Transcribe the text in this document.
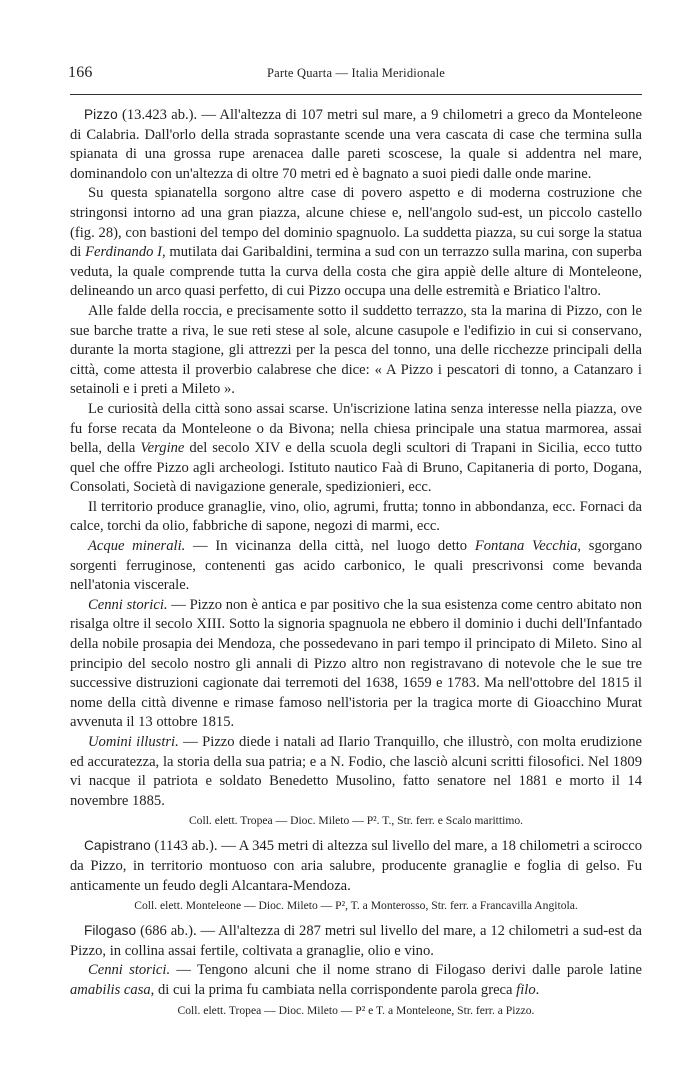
166	Parte Quarta — Italia Meridionale

Pizzo (13.423 ab.). — All'altezza di 107 metri sul mare, a 9 chilometri a greco da Monteleone di Calabria. Dall'orlo della strada soprastante scende una vera cascata di case che termina sulla spianata di una grossa rupe arenacea dalle pareti scoscese, la quale si addentra nel mare, dominandolo con un'altezza di oltre 70 metri ed è bagnato a suoi piedi dalle onde marine.

Su questa spianatella sorgono altre case di povero aspetto e di moderna costruzione che stringonsi intorno ad una gran piazza, alcune chiese e, nell'angolo sud-est, un piccolo castello (fig. 28), con bastioni del tempo del dominio spagnuolo. La suddetta piazza, su cui sorge la statua di Ferdinando I, mutilata dai Garibaldini, termina a sud con un terrazzo sulla marina, con superba veduta, la quale comprende tutta la curva della costa che gira appiè delle alture di Monteleone, delineando un arco quasi perfetto, di cui Pizzo occupa una delle estremità e Briatico l'altro.

Alle falde della roccia, e precisamente sotto il suddetto terrazzo, sta la marina di Pizzo, con le sue barche tratte a riva, le sue reti stese al sole, alcune casupole e l'edifizio in cui si conservano, durante la morta stagione, gli attrezzi per la pesca del tonno, una delle ricchezze principali della città, come attesta il proverbio calabrese che dice: « A Pizzo i pescatori di tonno, a Catanzaro i setainoli e i preti a Mileto ».

Le curiosità della città sono assai scarse. Un'iscrizione latina senza interesse nella piazza, ove fu forse recata da Monteleone o da Bivona; nella chiesa principale una statua marmorea, assai bella, della Vergine del secolo XIV e della scuola degli scultori di Trapani in Sicilia, ecco tutto quel che offre Pizzo agli archeologi. Istituto nautico Faà di Bruno, Capitaneria di porto, Dogana, Consolati, Società di navigazione generale, spedizionieri, ecc.

Il territorio produce granaglie, vino, olio, agrumi, frutta; tonno in abbondanza, ecc. Fornaci da calce, torchi da olio, fabbriche di sapone, negozi di marmi, ecc.

Acque minerali. — In vicinanza della città, nel luogo detto Fontana Vecchia, sgorgano sorgenti ferruginose, contenenti gas acido carbonico, le quali prescrivonsi come bevanda nell'atonia viscerale.

Cenni storici. — Pizzo non è antica e par positivo che la sua esistenza come centro abitato non risalga oltre il secolo XIII. Sotto la signoria spagnuola ne ebbero il dominio i duchi dell'Infantado della nobile prosapia dei Mendoza, che possedevano in pari tempo il principato di Mileto. Sino al principio del secolo nostro gli annali di Pizzo altro non registravano di notevole che le sue tre successive distruzioni cagionate dai terremoti del 1638, 1659 e 1783. Ma nell'ottobre del 1815 il nome della città divenne e rimase famoso nell'istoria per la tragica morte di Gioacchino Murat avvenuta il 13 ottobre 1815.

Uomini illustri. — Pizzo diede i natali ad Ilario Tranquillo, che illustrò, con molta erudizione ed accuratezza, la storia della sua patria; e a N. Fodio, che lasciò alcuni scritti filosofici. Nel 1809 vi nacque il patriota e soldato Benedetto Musolino, fatto senatore nel 1881 e morto il 14 novembre 1885.

Coll. elett. Tropea — Dioc. Mileto — P². T., Str. ferr. e Scalo marittimo.

Capistrano (1143 ab.). — A 345 metri di altezza sul livello del mare, a 18 chilometri a scirocco da Pizzo, in territorio montuoso con aria salubre, producente granaglie e foglia di gelso. Fu anticamente un feudo degli Alcantara-Mendoza.

Coll. elett. Monteleone — Dioc. Mileto — P², T. a Monterosso, Str. ferr. a Francavilla Angitola.

Filogaso (686 ab.). — All'altezza di 287 metri sul livello del mare, a 12 chilometri a sud-est da Pizzo, in collina assai fertile, coltivata a granaglie, olio e vino.

Cenni storici. — Tengono alcuni che il nome strano di Filogaso derivi dalle parole latine amabilis casa, di cui la prima fu cambiata nella corrispondente parola greca filo.

Coll. elett. Tropea — Dioc. Mileto — P² e T. a Monteleone, Str. ferr. a Pizzo.
